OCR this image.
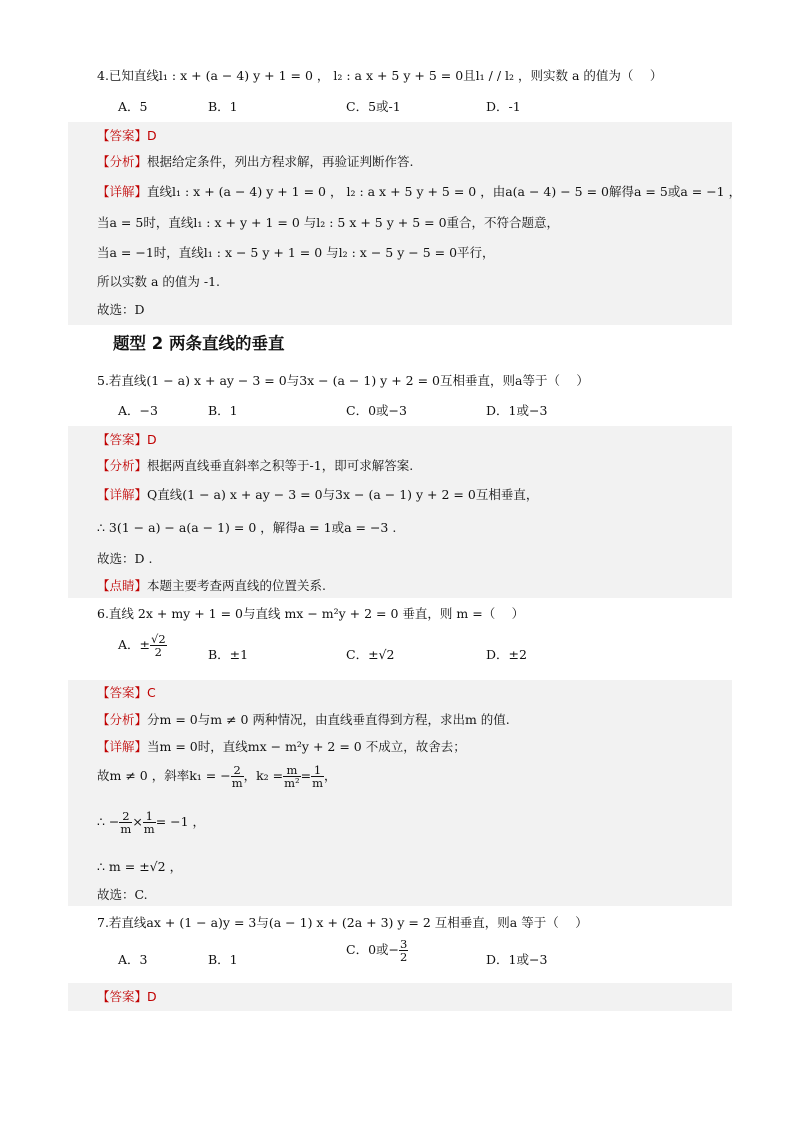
4.已知直线l₁ : x + (a − 4) y + 1 = 0 ， l₂ : a x + 5 y + 5 = 0且l₁ / / l₂ ，则实数 a 的值为（　 ）
A．5	B．1	C．5或-1	D．-1
【答案】D
【分析】根据给定条件，列出方程求解，再验证判断作答.
【详解】直线l₁ : x + (a − 4) y + 1 = 0 ， l₂ : a x + 5 y + 5 = 0 ，由a(a − 4) − 5 = 0解得a = 5或a = −1 ，
当a = 5时，直线l₁ : x + y + 1 = 0 与l₂ : 5 x + 5 y + 5 = 0重合，不符合题意，
当a = −1时，直线l₁ : x − 5 y + 1 = 0 与l₂ : x − 5 y − 5 = 0平行，
所以实数 a 的值为 -1.
故选：D
题型 2 两条直线的垂直
5.若直线(1 − a) x + ay − 3 = 0与3x − (a − 1) y + 2 = 0互相垂直，则a等于（　 ）
A．−3	B．1	C．0或−3	D．1或−3
【答案】D
【分析】根据两直线垂直斜率之积等于-1，即可求解答案.
【详解】Q直线(1 − a) x + ay − 3 = 0与3x − (a − 1) y + 2 = 0互相垂直，
∴ 3(1 − a) − a(a − 1) = 0 ，解得a = 1或a = −3 .
故选：D .
【点睛】本题主要考查两直线的位置关系.
6.直线 2x + my + 1 = 0与直线 mx − m²y + 2 = 0 垂直，则 m =（　 ）
A．± $\frac{√2}{2}$	B．±1	C．±√2	D．±2
【答案】C
【分析】分m = 0与m ≠ 0 两种情况，由直线垂直得到方程，求出m 的值.
【详解】当m = 0时，直线mx − m²y + 2 = 0 不成立，故舍去；
故m ≠ 0 ，斜率k₁ = − $\frac{2}{m}$ ，$k_2 = \frac{m}{\text{m²}} = \frac{1}{m}$ ，
∴ − $\frac{2}{m} \times \frac{1}{m} = -1$ ，
∴ m = ±√2 ，
故选：C.
7.若直线ax + (1 − a)y = 3与(a − 1) x + (2a + 3) y = 2 互相垂直，则a 等于（　 ）
A．3	B．1
C．0或− $\frac{3}{2}$	D．1或−3
【答案】D
